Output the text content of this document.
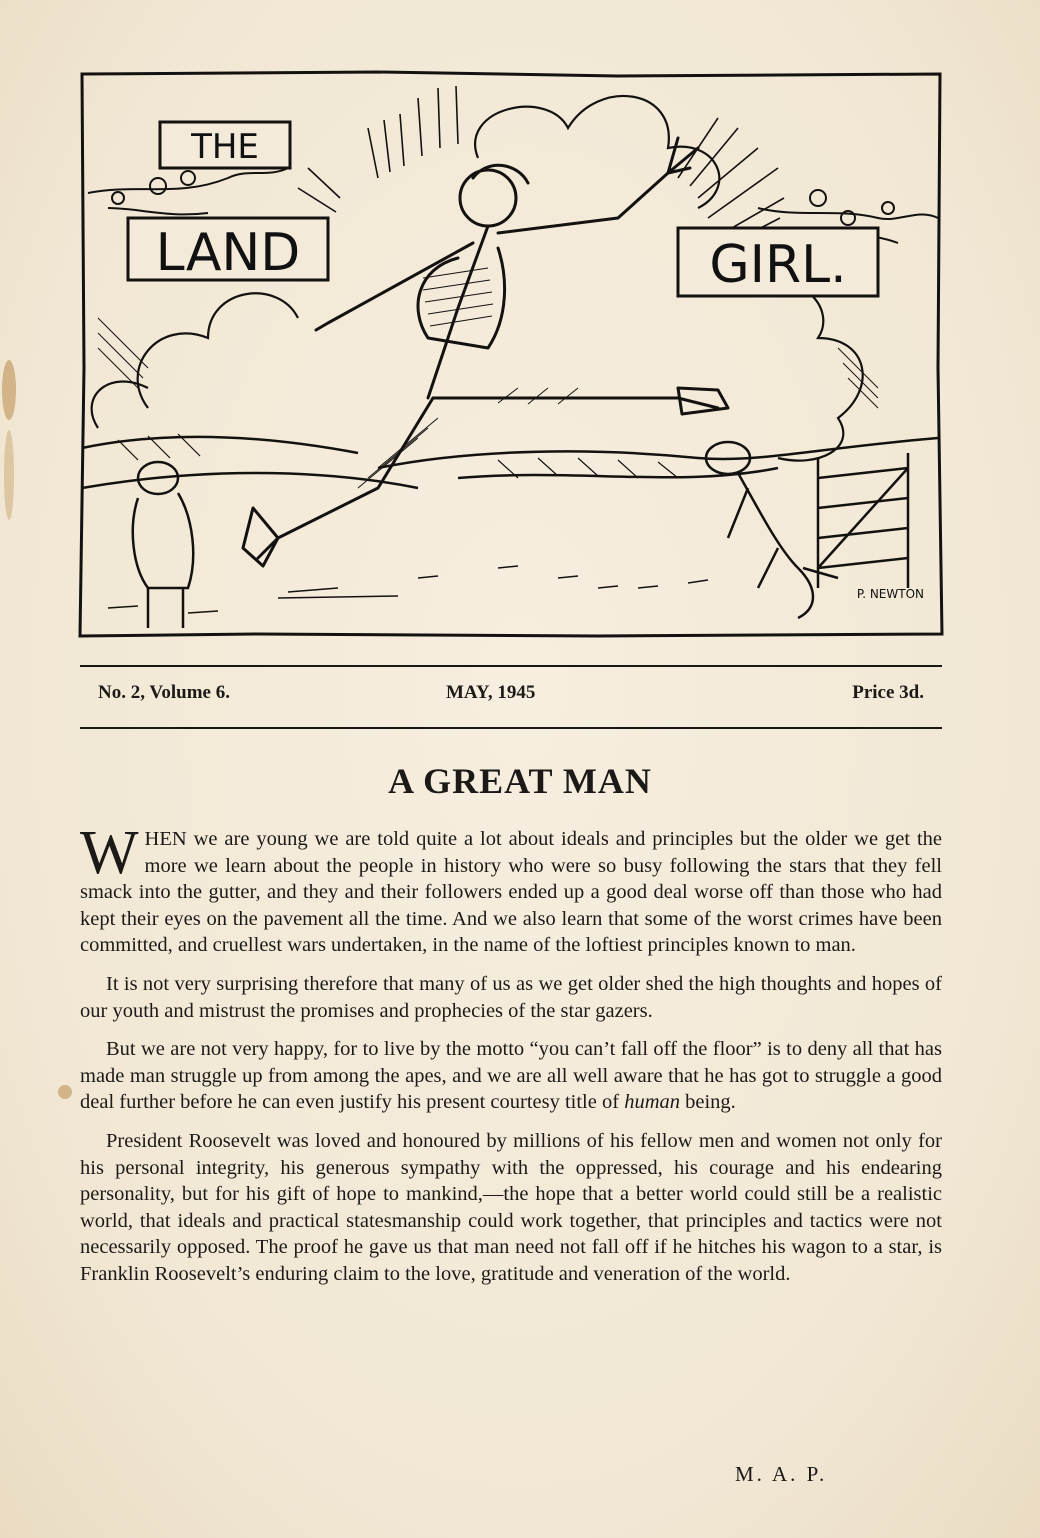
THE
LAND	GIRL.
P. NEWTON
No. 2, Volume 6.	MAY, 1945	Price 3d.
A GREAT MAN

WHEN we are young we are told quite a lot about ideals and principles but the older we get the more we learn about the people in history who were so busy following the stars that they fell smack into the gutter, and they and their followers ended up a good deal worse off than those who had kept their eyes on the pavement all the time. And we also learn that some of the worst crimes have been committed, and cruellest wars undertaken, in the name of the loftiest principles known to man.

It is not very surprising therefore that many of us as we get older shed the high thoughts and hopes of our youth and mistrust the promises and prophecies of the star gazers.

But we are not very happy, for to live by the motto “you can’t fall off the floor” is to deny all that has made man struggle up from among the apes, and we are all well aware that he has got to struggle a good deal further before he can even justify his present courtesy title of human being.

President Roosevelt was loved and honoured by millions of his fellow men and women not only for his personal integrity, his generous sympathy with the oppressed, his courage and his endearing personality, but for his gift of hope to mankind,—the hope that a better world could still be a realistic world, that ideals and practical statesmanship could work together, that principles and tactics were not necessarily opposed. The proof he gave us that man need not fall off if he hitches his wagon to a star, is Franklin Roosevelt’s enduring claim to the love, gratitude and veneration of the world.

M. A. P.
